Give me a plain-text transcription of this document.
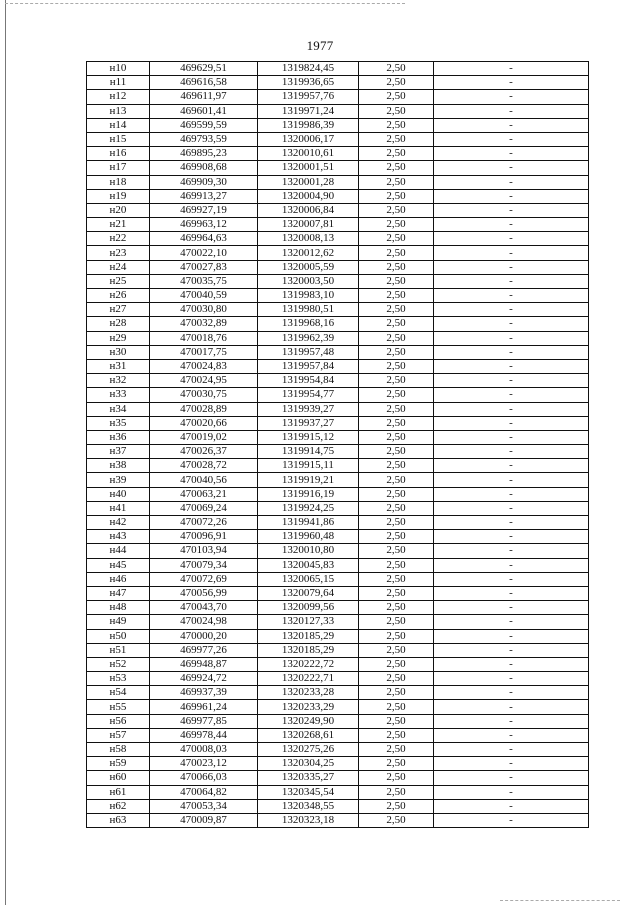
1977
н10	469629,51	1319824,45	2,50	-
н11	469616,58	1319936,65	2,50	-
н12	469611,97	1319957,76	2,50	-
н13	469601,41	1319971,24	2,50	-
н14	469599,59	1319986,39	2,50	-
н15	469793,59	1320006,17	2,50	-
н16	469895,23	1320010,61	2,50	-
н17	469908,68	1320001,51	2,50	-
н18	469909,30	1320001,28	2,50	-
н19	469913,27	1320004,90	2,50	-
н20	469927,19	1320006,84	2,50	-
н21	469963,12	1320007,81	2,50	-
н22	469964,63	1320008,13	2,50	-
н23	470022,10	1320012,62	2,50	-
н24	470027,83	1320005,59	2,50	-
н25	470035,75	1320003,50	2,50	-
н26	470040,59	1319983,10	2,50	-
н27	470030,80	1319980,51	2,50	-
н28	470032,89	1319968,16	2,50	-
н29	470018,76	1319962,39	2,50	-
н30	470017,75	1319957,48	2,50	-
н31	470024,83	1319957,84	2,50	-
н32	470024,95	1319954,84	2,50	-
н33	470030,75	1319954,77	2,50	-
н34	470028,89	1319939,27	2,50	-
н35	470020,66	1319937,27	2,50	-
н36	470019,02	1319915,12	2,50	-
н37	470026,37	1319914,75	2,50	-
н38	470028,72	1319915,11	2,50	-
н39	470040,56	1319919,21	2,50	-
н40	470063,21	1319916,19	2,50	-
н41	470069,24	1319924,25	2,50	-
н42	470072,26	1319941,86	2,50	-
н43	470096,91	1319960,48	2,50	-
н44	470103,94	1320010,80	2,50	-
н45	470079,34	1320045,83	2,50	-
н46	470072,69	1320065,15	2,50	-
н47	470056,99	1320079,64	2,50	-
н48	470043,70	1320099,56	2,50	-
н49	470024,98	1320127,33	2,50	-
н50	470000,20	1320185,29	2,50	-
н51	469977,26	1320185,29	2,50	-
н52	469948,87	1320222,72	2,50	-
н53	469924,72	1320222,71	2,50	-
н54	469937,39	1320233,28	2,50	-
н55	469961,24	1320233,29	2,50	-
н56	469977,85	1320249,90	2,50	-
н57	469978,44	1320268,61	2,50	-
н58	470008,03	1320275,26	2,50	-
н59	470023,12	1320304,25	2,50	-
н60	470066,03	1320335,27	2,50	-
н61	470064,82	1320345,54	2,50	-
н62	470053,34	1320348,55	2,50	-
н63	470009,87	1320323,18	2,50	-
